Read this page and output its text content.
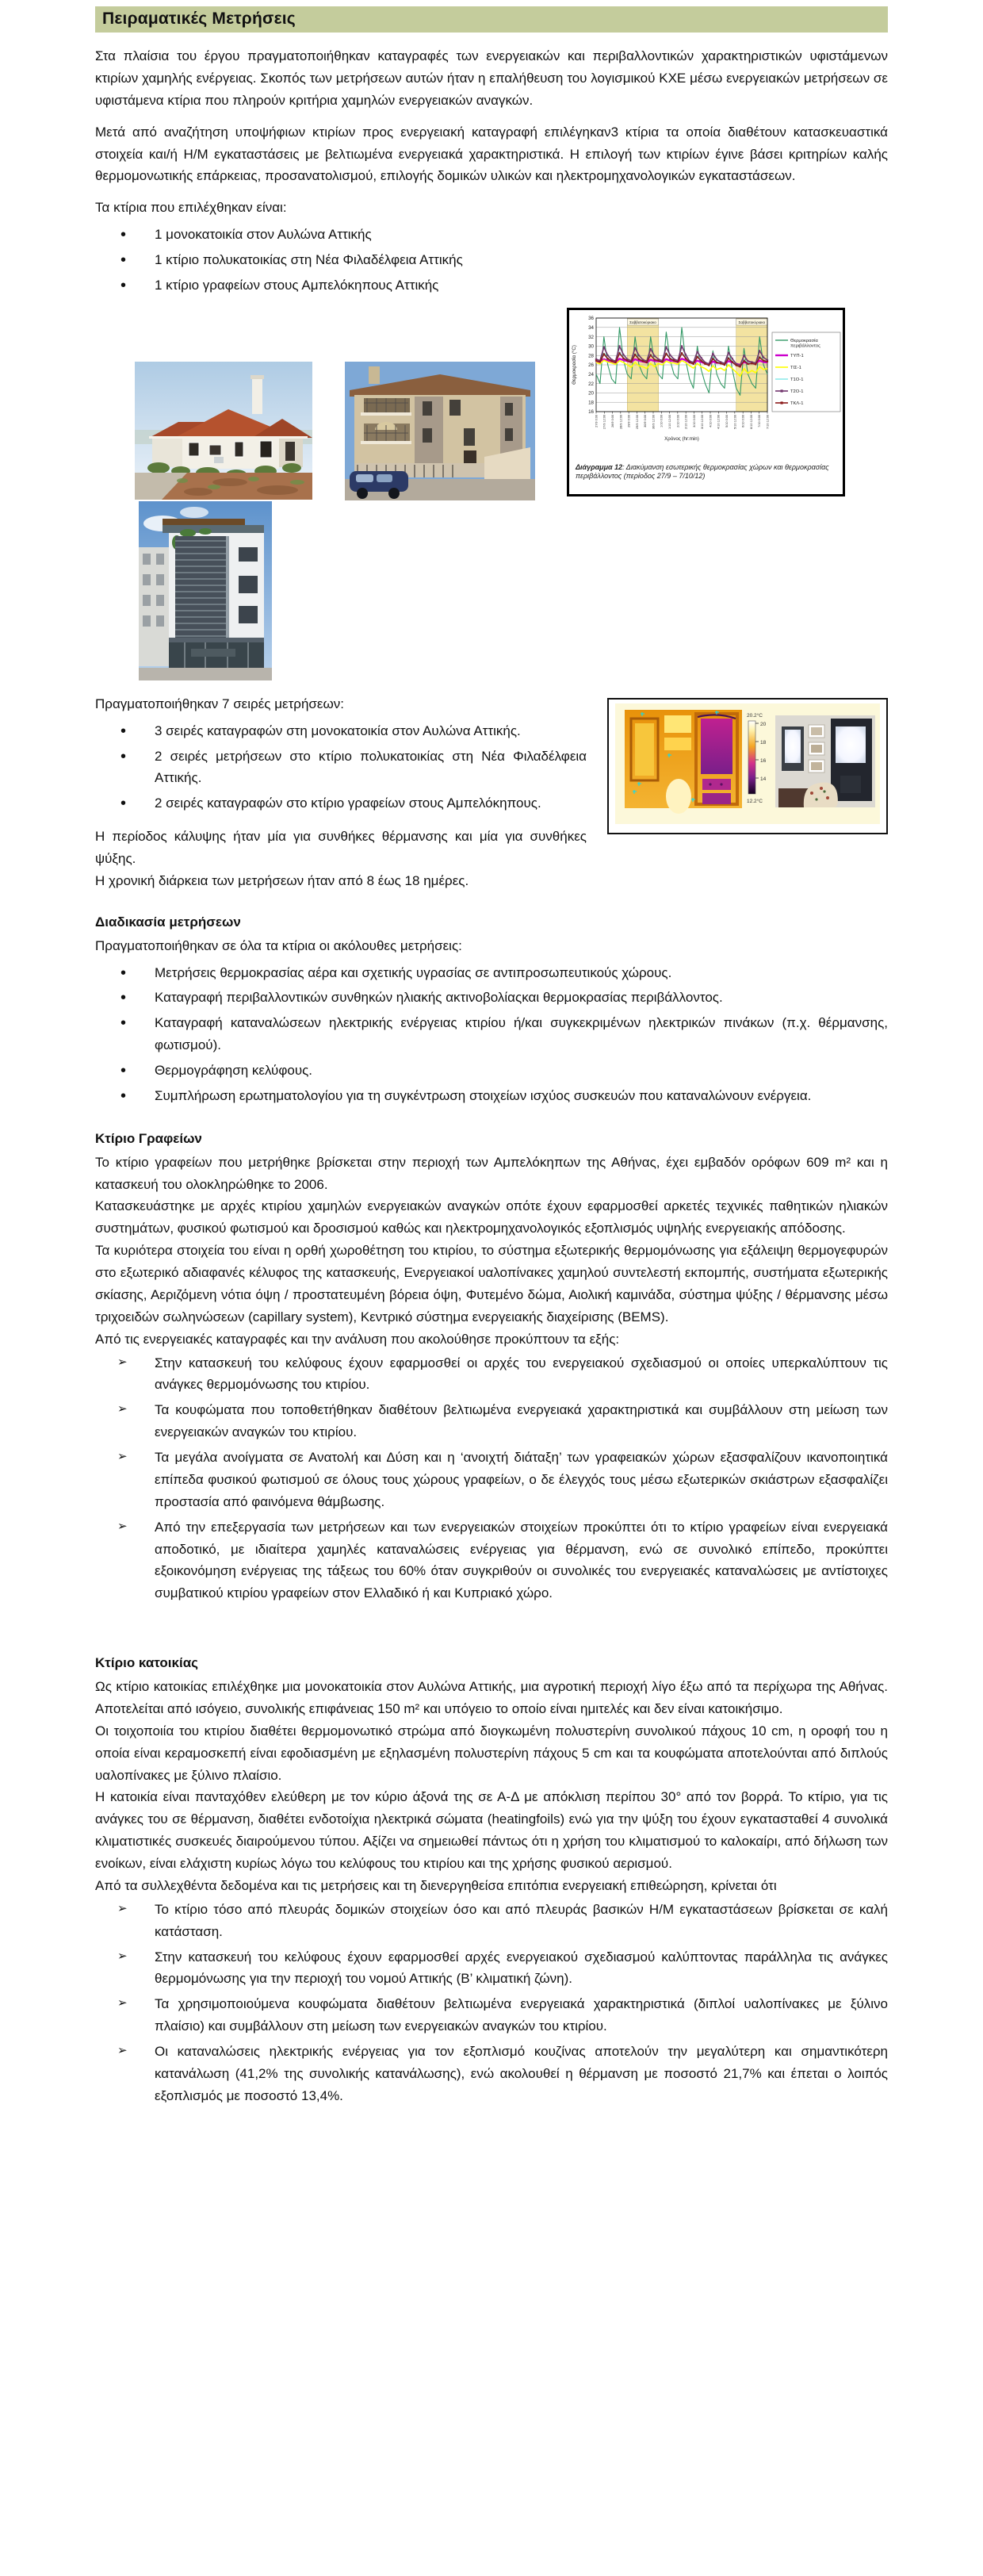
Πειραματικές Μετρήσεις

Στα πλαίσια του έργου πραγματοποιήθηκαν καταγραφές των ενεργειακών και περιβαλλοντικών χαρακτηριστικών υφιστάμενων κτιρίων χαμηλής ενέργειας. Σκοπός των μετρήσεων αυτών ήταν η επαλήθευση του λογισμικού ΚΧΕ μέσω ενεργειακών μετρήσεων σε υφιστάμενα κτίρια που πληρούν κριτήρια χαμηλών ενεργειακών αναγκών.

Μετά από αναζήτηση υποψήφιων κτιρίων προς ενεργειακή καταγραφή επιλέγηκαν3 κτίρια τα οποία διαθέτουν κατασκευαστικά στοιχεία και/ή Η/Μ εγκαταστάσεις με βελτιωμένα ενεργειακά χαρακτηριστικά. Η επιλογή των κτιρίων έγινε βάσει κριτηρίων καλής θερμομονωτικής επάρκειας, προσανατολισμού, επιλογής δομικών υλικών και ηλεκτρομηχανολογικών εγκαταστάσεων.

Τα κτίρια που επιλέχθηκαν είναι:

• 1 μονοκατοικία στον Αυλώνα Αττικής
• 1 κτίριο πολυκατοικίας στη Νέα Φιλαδέλφεια Αττικής
• 1 κτίριο γραφείων στους Αμπελόκηπους Αττικής
Σαββατοκύριακο	Σαββατοκύριακο
16
18
20
22
24
26
28
30
32
34
36
27/9 0:00 27/9 12:00 28/9 0:00 28/9 12:00 29/9 0:00 29/9 12:00 30/9 0:00 30/9 12:00 1/10 0:00 1/10 12:00 2/10 0:00 2/10 12:00 3/10 0:00 3/10 12:00 4/10 0:00 4/10 12:00 5/10 0:00 5/10 12:00 6/10 0:00 6/10 12:00 7/10 0:00 7/10 12:00
Χρόνος (hr:min)
Θερμοκρασία (°C)
Θερμοκρασία
περιβάλλοντος
ΤΥΠ-1
ΤΙΣ-1
Τ1Ο-1
Τ2Ο-1
ΤΚΛ-1
Διάγραμμα 12: Διακύμανση εσωτερικής θερμοκρασίας χώρων και θερμοκρασίας περιβάλλοντος (περίοδος 27/9 – 7/10/12)
20.2°C
20
18
16
14
12.2°C

Πραγματοποιήθηκαν 7 σειρές μετρήσεων:

• 3 σειρές καταγραφών στη μονοκατοικία στον Αυλώνα Αττικής.
• 2 σειρές μετρήσεων στο κτίριο πολυκατοικίας στη Νέα Φιλαδέλφεια Αττικής.
• 2 σειρές καταγραφών στο κτίριο γραφείων στους Αμπελόκηπους.

Η περίοδος κάλυψης ήταν μία για συνθήκες θέρμανσης και μία για συνθήκες ψύξης.

Η χρονική διάρκεια των μετρήσεων ήταν από 8 έως 18 ημέρες.

Διαδικασία μετρήσεων

Πραγματοποιήθηκαν σε όλα τα κτίρια οι ακόλουθες μετρήσεις:

• Μετρήσεις θερμοκρασίας αέρα και σχετικής υγρασίας σε αντιπροσωπευτικούς χώρους.
• Καταγραφή περιβαλλοντικών συνθηκών ηλιακής ακτινοβολίαςκαι θερμοκρασίας περιβάλλοντος.
• Καταγραφή καταναλώσεων ηλεκτρικής ενέργειας κτιρίου ή/και συγκεκριμένων ηλεκτρικών πινάκων (π.χ. θέρμανσης, φωτισμού).
• Θερμογράφηση κελύφους.
• Συμπλήρωση ερωτηματολογίου για τη συγκέντρωση στοιχείων ισχύος συσκευών που καταναλώνουν ενέργεια.

Κτίριο Γραφείων

Το κτίριο γραφείων που μετρήθηκε βρίσκεται στην περιοχή των Αμπελόκηπων της Αθήνας, έχει εμβαδόν ορόφων 609 m² και η κατασκευή του ολοκληρώθηκε το 2006.

Κατασκευάστηκε με αρχές κτιρίου χαμηλών ενεργειακών αναγκών οπότε έχουν εφαρμοσθεί αρκετές τεχνικές παθητικών ηλιακών συστημάτων, φυσικού φωτισμού και δροσισμού καθώς και ηλεκτρομηχανολογικός εξοπλισμός υψηλής ενεργειακής απόδοσης.

Τα κυριότερα στοιχεία του είναι η ορθή χωροθέτηση του κτιρίου, το σύστημα εξωτερικής θερμομόνωσης για εξάλειψη θερμογεφυρών στο εξωτερικό αδιαφανές κέλυφος της κατασκευής, Ενεργειακοί υαλοπίνακες χαμηλού συντελεστή εκπομπής, συστήματα εξωτερικής σκίασης, Αεριζόμενη νότια όψη / προστατευμένη βόρεια όψη, Φυτεμένο δώμα, Αιολική καμινάδα, σύστημα ψύξης / θέρμανσης μέσω τριχοειδών σωληνώσεων (capillary system), Κεντρικό σύστημα ενεργειακής διαχείρισης (BEMS).

Από τις ενεργειακές καταγραφές και την ανάλυση που ακολούθησε προκύπτουν τα εξής:

➢ Στην κατασκευή του κελύφους έχουν εφαρμοσθεί οι αρχές του ενεργειακού σχεδιασμού οι οποίες υπερκαλύπτουν τις ανάγκες θερμομόνωσης του κτιρίου.
➢ Τα κουφώματα που τοποθετήθηκαν διαθέτουν βελτιωμένα ενεργειακά χαρακτηριστικά και συμβάλλουν στη μείωση των ενεργειακών αναγκών του κτιρίου.
➢ Τα μεγάλα ανοίγματα σε Ανατολή και Δύση και η ‘ανοιχτή διάταξη’ των γραφειακών χώρων εξασφαλίζουν ικανοποιητικά επίπεδα φυσικού φωτισμού σε όλους τους χώρους γραφείων, ο δε έλεγχός τους μέσω εξωτερικών σκιάστρων εξασφαλίζει προστασία από φαινόμενα θάμβωσης.
➢ Από την επεξεργασία των μετρήσεων και των ενεργειακών στοιχείων προκύπτει ότι το κτίριο γραφείων είναι ενεργειακά αποδοτικό, με ιδιαίτερα χαμηλές καταναλώσεις ενέργειας για θέρμανση, ενώ σε συνολικό επίπεδο, προκύπτει εξοικονόμηση ενέργειας της τάξεως του 60% όταν συγκριθούν οι συνολικές του ενεργειακές καταναλώσεις με αντίστοιχες συμβατικού κτιρίου γραφείων στον Ελλαδικό ή και Κυπριακό χώρο.

Κτίριο κατοικίας

Ως κτίριο κατοικίας επιλέχθηκε μια μονοκατοικία στον Αυλώνα Αττικής, μια αγροτική περιοχή λίγο έξω από τα περίχωρα της Αθήνας. Αποτελείται από ισόγειο, συνολικής επιφάνειας 150 m² και υπόγειο το οποίο είναι ημιτελές και δεν είναι κατοικήσιμο.

Οι τοιχοποιία του κτιρίου διαθέτει θερμομονωτικό στρώμα από διογκωμένη πολυστερίνη συνολικού πάχους 10 cm, η οροφή του η οποία είναι κεραμοσκεπή είναι εφοδιασμένη με εξηλασμένη πολυστερίνη πάχους 5 cm και τα κουφώματα αποτελούνται από διπλούς υαλοπίνακες με ξύλινο πλαίσιο.

Η κατοικία είναι πανταχόθεν ελεύθερη με τον κύριο άξονά της σε Α-Δ με απόκλιση περίπου 30° από τον βορρά. Το κτίριο, για τις ανάγκες του σε θέρμανση, διαθέτει ενδοτοίχια ηλεκτρικά σώματα (heatingfoils) ενώ για την ψύξη του έχουν εγκατασταθεί 4 συνολικά κλιματιστικές συσκευές διαιρούμενου τύπου. Αξίζει να σημειωθεί πάντως ότι η χρήση του κλιματισμού το καλοκαίρι, από δήλωση των ενοίκων, είναι ελάχιστη κυρίως λόγω του κελύφους του κτιρίου και της χρήσης φυσικού αερισμού.

Από τα συλλεχθέντα δεδομένα και τις μετρήσεις και τη διενεργηθείσα επιτόπια ενεργειακή επιθεώρηση, κρίνεται ότι

➢ Το κτίριο τόσο από πλευράς δομικών στοιχείων όσο και από πλευράς βασικών Η/Μ εγκαταστάσεων βρίσκεται σε καλή κατάσταση.
➢ Στην κατασκευή του κελύφους έχουν εφαρμοσθεί αρχές ενεργειακού σχεδιασμού καλύπτοντας παράλληλα τις ανάγκες θερμομόνωσης για την περιοχή του νομού Αττικής (Β’ κλιματική ζώνη).
➢ Τα χρησιμοποιούμενα κουφώματα διαθέτουν βελτιωμένα ενεργειακά χαρακτηριστικά (διπλοί υαλοπίνακες με ξύλινο πλαίσιο) και συμβάλλουν στη μείωση των ενεργειακών αναγκών του κτιρίου.
➢ Οι καταναλώσεις ηλεκτρικής ενέργειας για τον εξοπλισμό κουζίνας αποτελούν την μεγαλύτερη και σημαντικότερη κατανάλωση (41,2% της συνολικής κατανάλωσης), ενώ ακολουθεί η θέρμανση με ποσοστό 21,7% και έπεται ο λοιπός εξοπλισμός με ποσοστό 13,4%.
